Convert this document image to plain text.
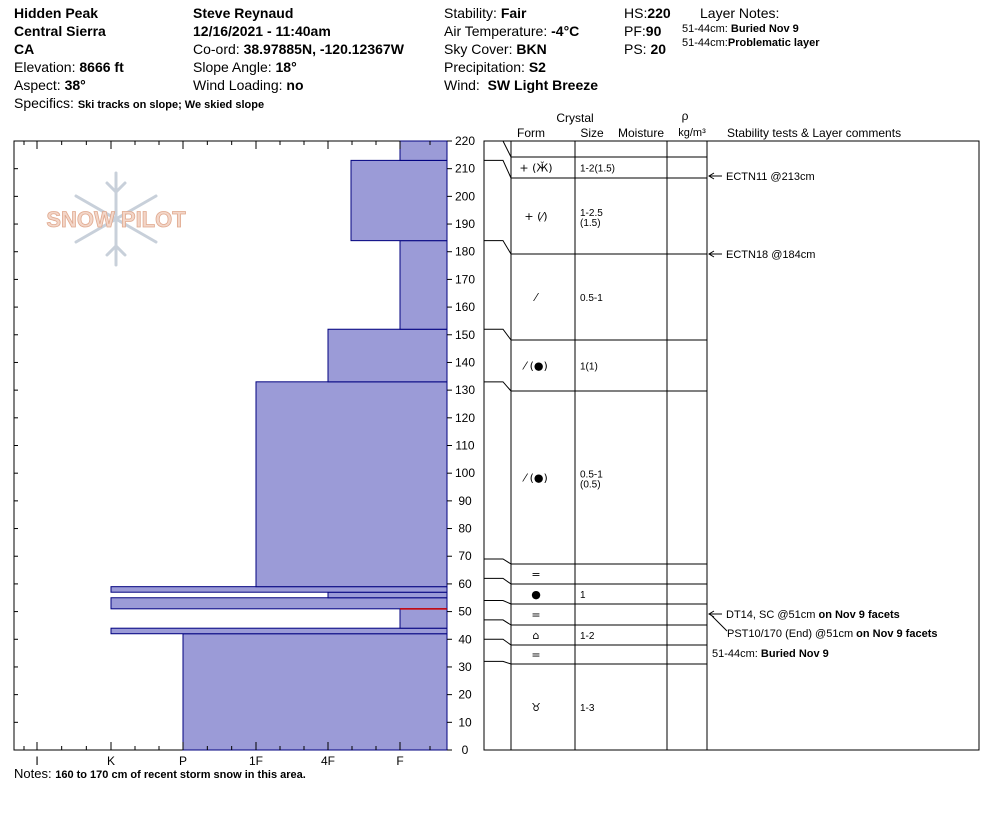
Hidden Peak
Central Sierra
CA
Elevation: 8666 ft
Aspect: 38°
Specifics: Ski tracks on slope; We skied slope
Steve Reynaud
12/16/2021 - 11:40am
Co-ord: 38.97885N, -120.12367W
Slope Angle: 18°
Wind Loading: no
Stability: Fair
Air Temperature: -4°C
Sky Cover: BKN
Precipitation: S2
Wind: SW Light Breeze
HS:220
PF:90
PS: 20
Layer Notes:
51-44cm: Buried Nov 9
51-44cm:Problematic layer
SNOW PILOT
I	K	P	1F	4F	F
0
10
20
30
40
50
60
70
80
90
100
110
120
130
140
150
160
170
180
190
200
210
220
Crystal
Form	Size Moisture
ρ
kg/m³ Stability tests & Layer comments
+ (Ӂ)	1-2(1.5)
+ (⁄)	1-2.5
(1.5)
⁄	0.5-1
⁄ (●)	1(1)
⁄ (●)	0.5-1
(0.5)
=
●	1
=
⌂	1-2
=
♉	1-3
ECTN11 @213cm
ECTN18 @184cm
DT14, SC @51cm on Nov 9 facets
PST10/170 (End) @51cm on Nov 9 facets
51-44cm: Buried Nov 9
Notes: 160 to 170 cm of recent storm snow in this area.
